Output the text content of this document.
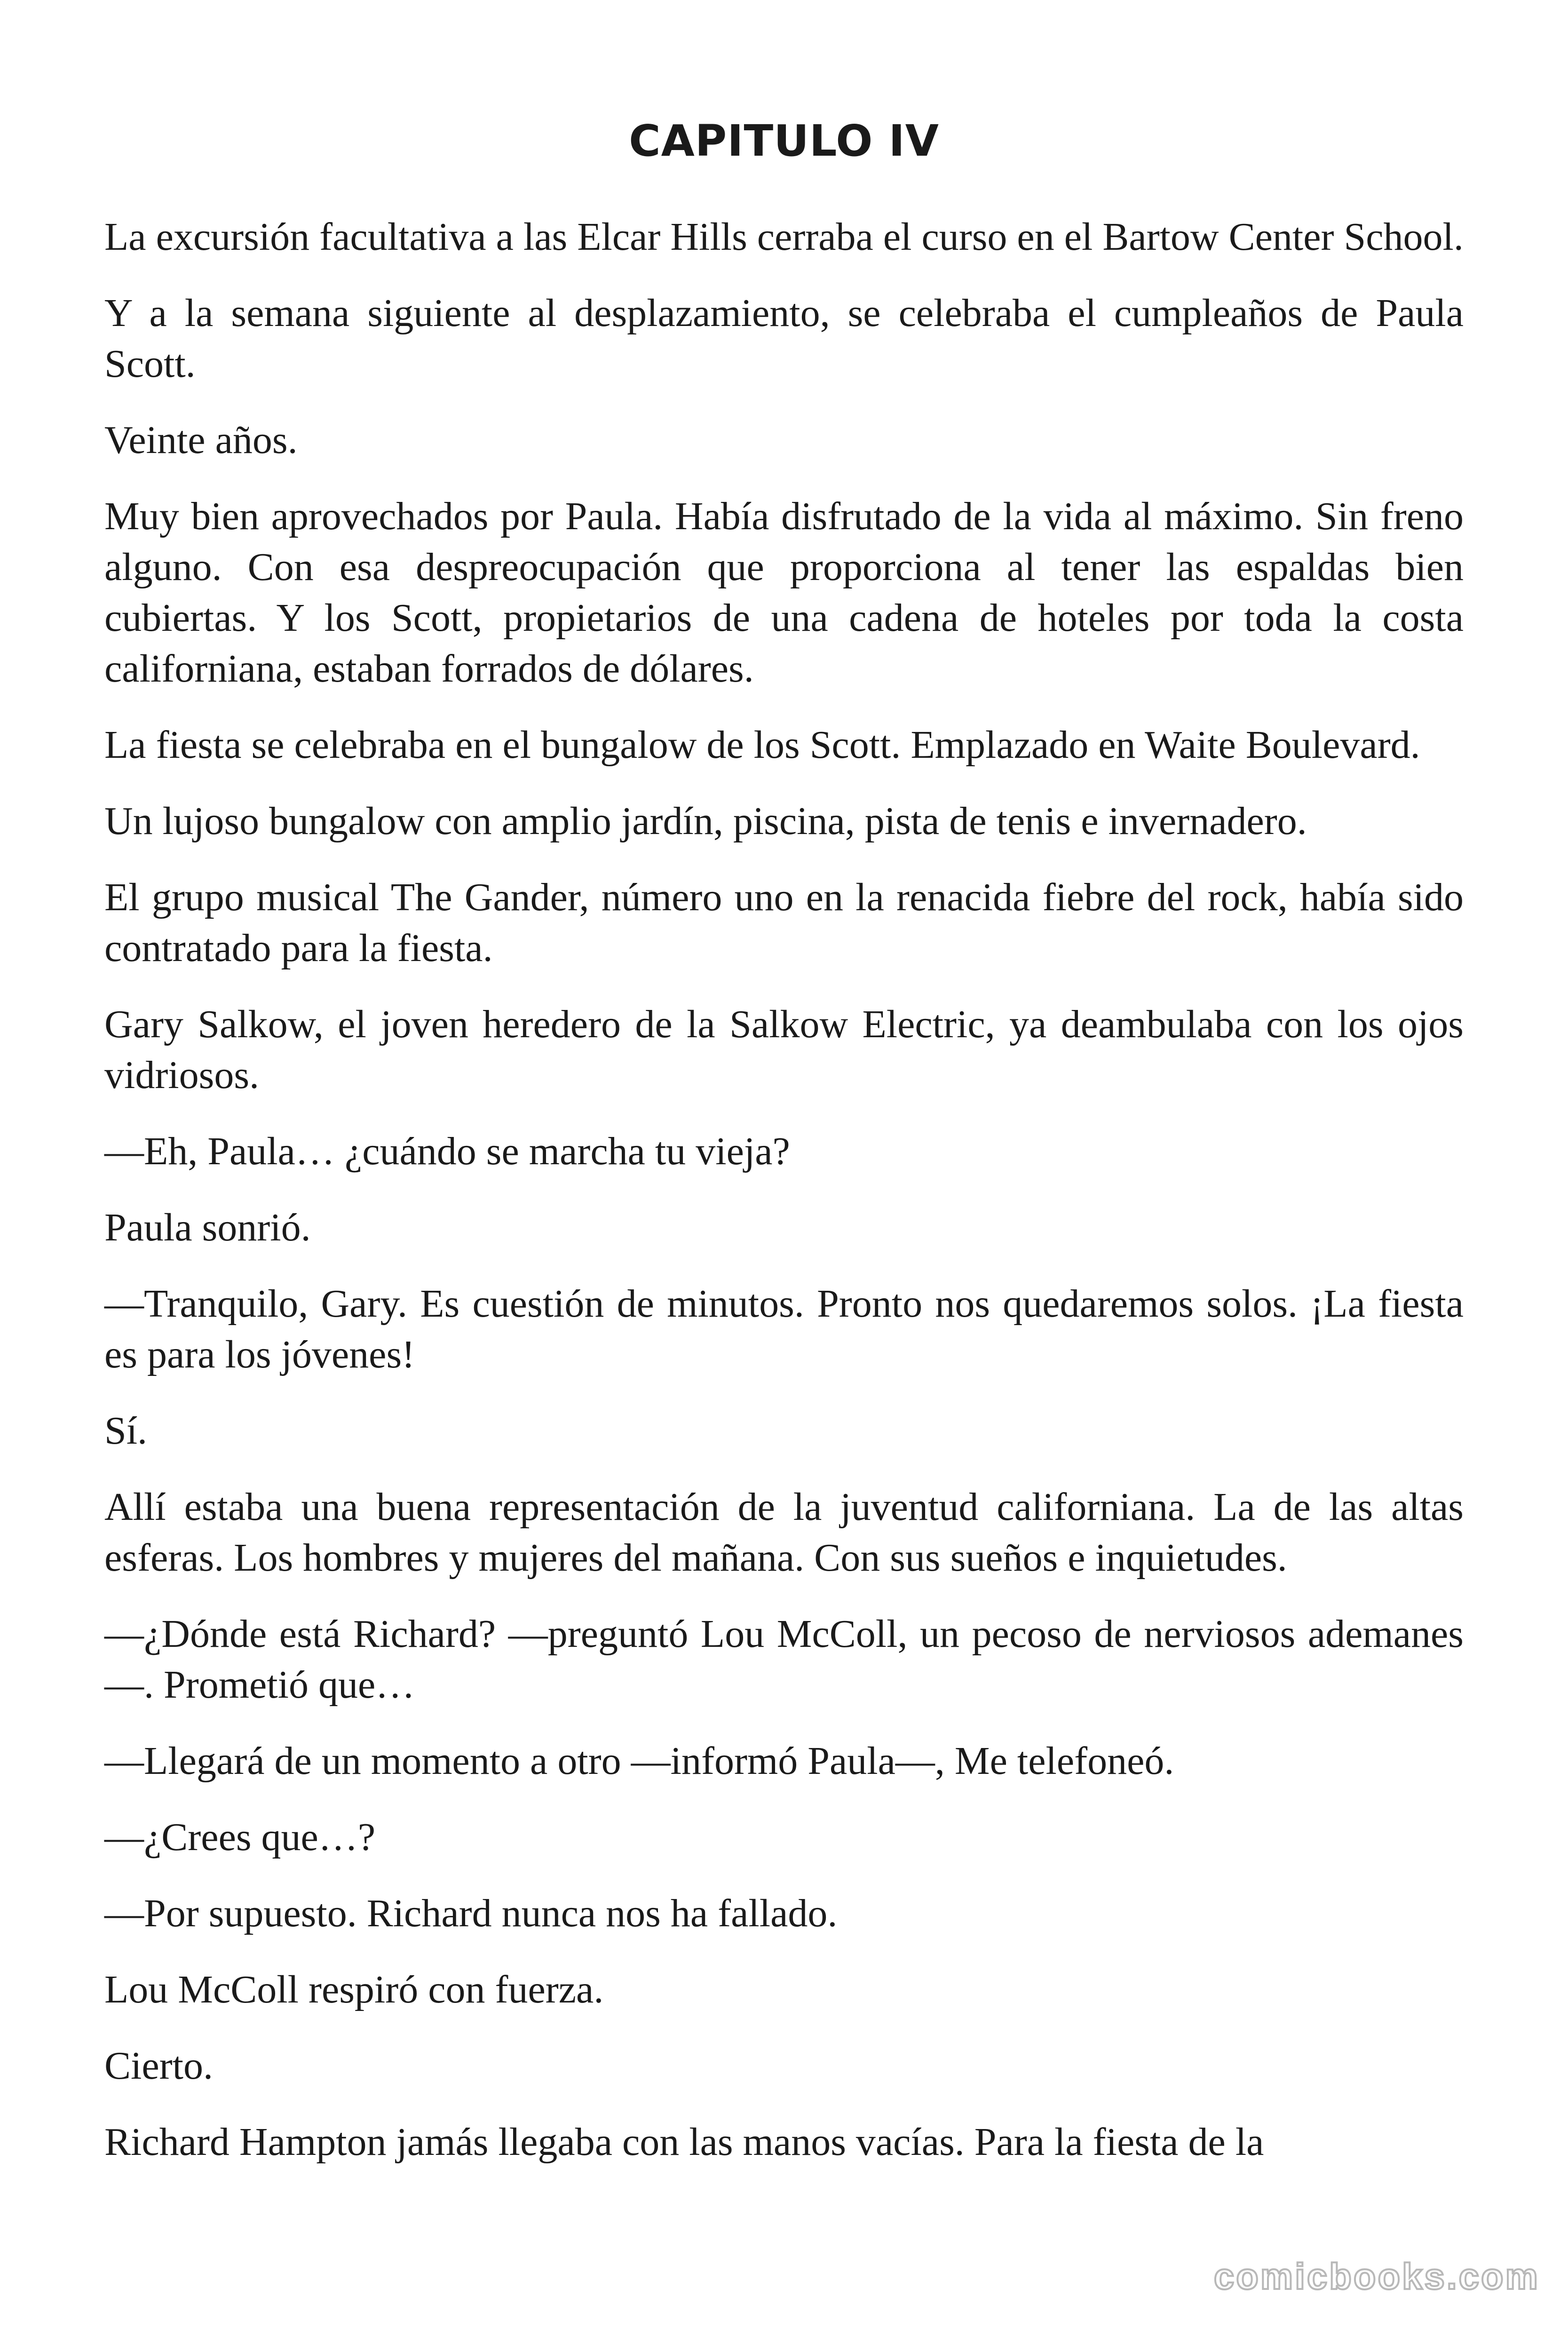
CAPITULO IV

La excursión facultativa a las Elcar Hills cerraba el curso en el Bartow Center School.

Y a la semana siguiente al desplazamiento, se celebraba el cumpleaños de Paula Scott.

Veinte años.

Muy bien aprovechados por Paula. Había disfrutado de la vida al máximo. Sin freno alguno. Con esa despreocupación que proporciona al tener las espaldas bien cubiertas. Y los Scott, propietarios de una cadena de hoteles por toda la costa californiana, estaban forrados de dólares.

La fiesta se celebraba en el bungalow de los Scott. Emplazado en Waite Boulevard.

Un lujoso bungalow con amplio jardín, piscina, pista de tenis e invernadero.

El grupo musical The Gander, número uno en la renacida fiebre del rock, había sido contratado para la fiesta.

Gary Salkow, el joven heredero de la Salkow Electric, ya deambulaba con los ojos vidriosos.

—Eh, Paula… ¿cuándo se marcha tu vieja?

Paula sonrió.

—Tranquilo, Gary. Es cuestión de minutos. Pronto nos quedaremos solos. ¡La fiesta es para los jóvenes!

Sí.

Allí estaba una buena representación de la juventud californiana. La de las altas esferas. Los hombres y mujeres del mañana. Con sus sueños e inquietudes.

—¿Dónde está Richard? —preguntó Lou McColl, un pecoso de nerviosos ademanes—. Prometió que…

—Llegará de un momento a otro —informó Paula—, Me telefoneó.

—¿Crees que…?

—Por supuesto. Richard nunca nos ha fallado.

Lou McColl respiró con fuerza.

Cierto.

Richard Hampton jamás llegaba con las manos vacías. Para la fiesta de la

comicbooks.com
